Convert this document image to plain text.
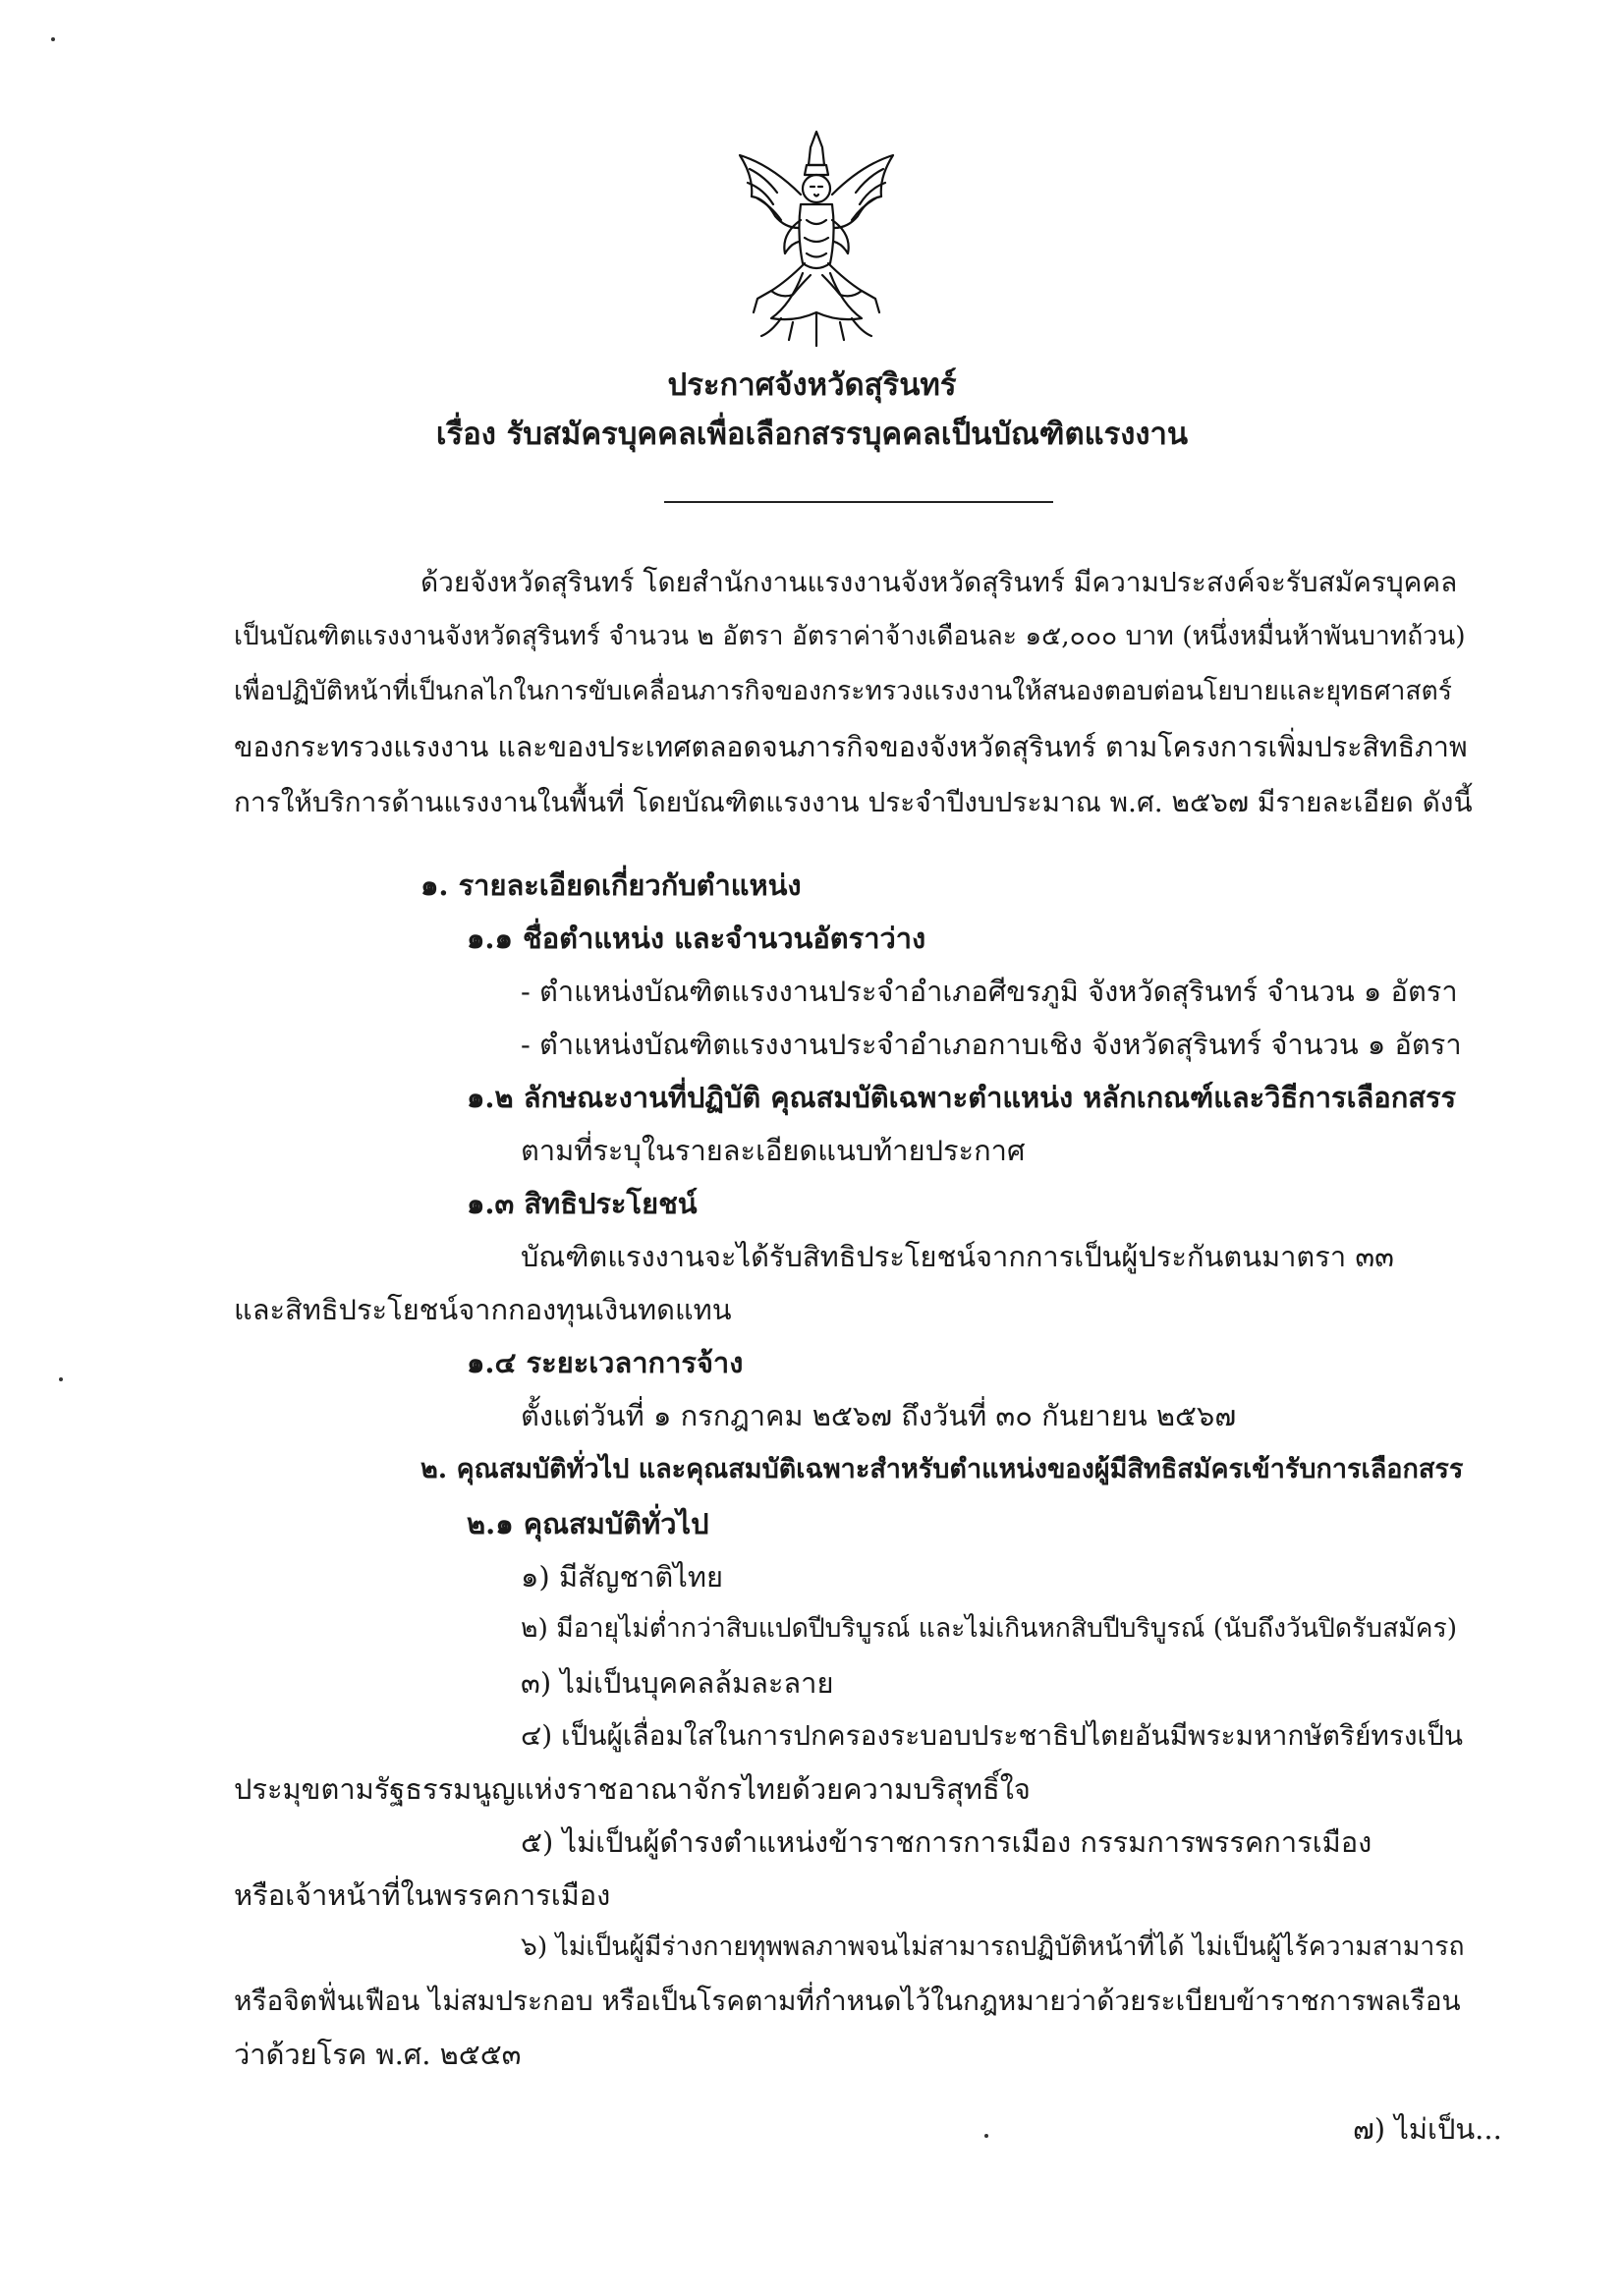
ประกาศจังหวัดสุรินทร์
เรื่อง รับสมัครบุคคลเพื่อเลือกสรรบุคคลเป็นบัณฑิตแรงงาน
ด้วยจังหวัดสุรินทร์ โดยสำนักงานแรงงานจังหวัดสุรินทร์ มีความประสงค์จะรับสมัครบุคคล
เป็นบัณฑิตแรงงานจังหวัดสุรินทร์ จำนวน ๒ อัตรา อัตราค่าจ้างเดือนละ ๑๕,๐๐๐ บาท (หนึ่งหมื่นห้าพันบาทถ้วน)
เพื่อปฏิบัติหน้าที่เป็นกลไกในการขับเคลื่อนภารกิจของกระทรวงแรงงานให้สนองตอบต่อนโยบายและยุทธศาสตร์
ของกระทรวงแรงงาน และของประเทศตลอดจนภารกิจของจังหวัดสุรินทร์ ตามโครงการเพิ่มประสิทธิภาพ
การให้บริการด้านแรงงานในพื้นที่ โดยบัณฑิตแรงงาน ประจำปีงบประมาณ พ.ศ. ๒๕๖๗ มีรายละเอียด ดังนี้
๑. รายละเอียดเกี่ยวกับตำแหน่ง
๑.๑ ชื่อตำแหน่ง และจำนวนอัตราว่าง
- ตำแหน่งบัณฑิตแรงงานประจำอำเภอศีขรภูมิ จังหวัดสุรินทร์ จำนวน ๑ อัตรา
- ตำแหน่งบัณฑิตแรงงานประจำอำเภอกาบเชิง จังหวัดสุรินทร์ จำนวน ๑ อัตรา
๑.๒ ลักษณะงานที่ปฏิบัติ คุณสมบัติเฉพาะตำแหน่ง หลักเกณฑ์และวิธีการเลือกสรร
ตามที่ระบุในรายละเอียดแนบท้ายประกาศ
๑.๓ สิทธิประโยชน์
บัณฑิตแรงงานจะได้รับสิทธิประโยชน์จากการเป็นผู้ประกันตนมาตรา ๓๓
และสิทธิประโยชน์จากกองทุนเงินทดแทน
๑.๔ ระยะเวลาการจ้าง
ตั้งแต่วันที่ ๑ กรกฎาคม ๒๕๖๗ ถึงวันที่ ๓๐ กันยายน ๒๕๖๗
๒. คุณสมบัติทั่วไป และคุณสมบัติเฉพาะสำหรับตำแหน่งของผู้มีสิทธิสมัครเข้ารับการเลือกสรร
๒.๑ คุณสมบัติทั่วไป
๑) มีสัญชาติไทย
๒) มีอายุไม่ต่ำกว่าสิบแปดปีบริบูรณ์ และไม่เกินหกสิบปีบริบูรณ์ (นับถึงวันปิดรับสมัคร)
๓) ไม่เป็นบุคคลล้มละลาย
๔) เป็นผู้เลื่อมใสในการปกครองระบอบประชาธิปไตยอันมีพระมหากษัตริย์ทรงเป็น
ประมุขตามรัฐธรรมนูญแห่งราชอาณาจักรไทยด้วยความบริสุทธิ์ใจ
๕) ไม่เป็นผู้ดำรงตำแหน่งข้าราชการการเมือง กรรมการพรรคการเมือง
หรือเจ้าหน้าที่ในพรรคการเมือง
๖) ไม่เป็นผู้มีร่างกายทุพพลภาพจนไม่สามารถปฏิบัติหน้าที่ได้ ไม่เป็นผู้ไร้ความสามารถ
หรือจิตฟั่นเฟือน ไม่สมประกอบ หรือเป็นโรคตามที่กำหนดไว้ในกฎหมายว่าด้วยระเบียบข้าราชการพลเรือน
ว่าด้วยโรค พ.ศ. ๒๕๕๓
๗) ไม่เป็น...
